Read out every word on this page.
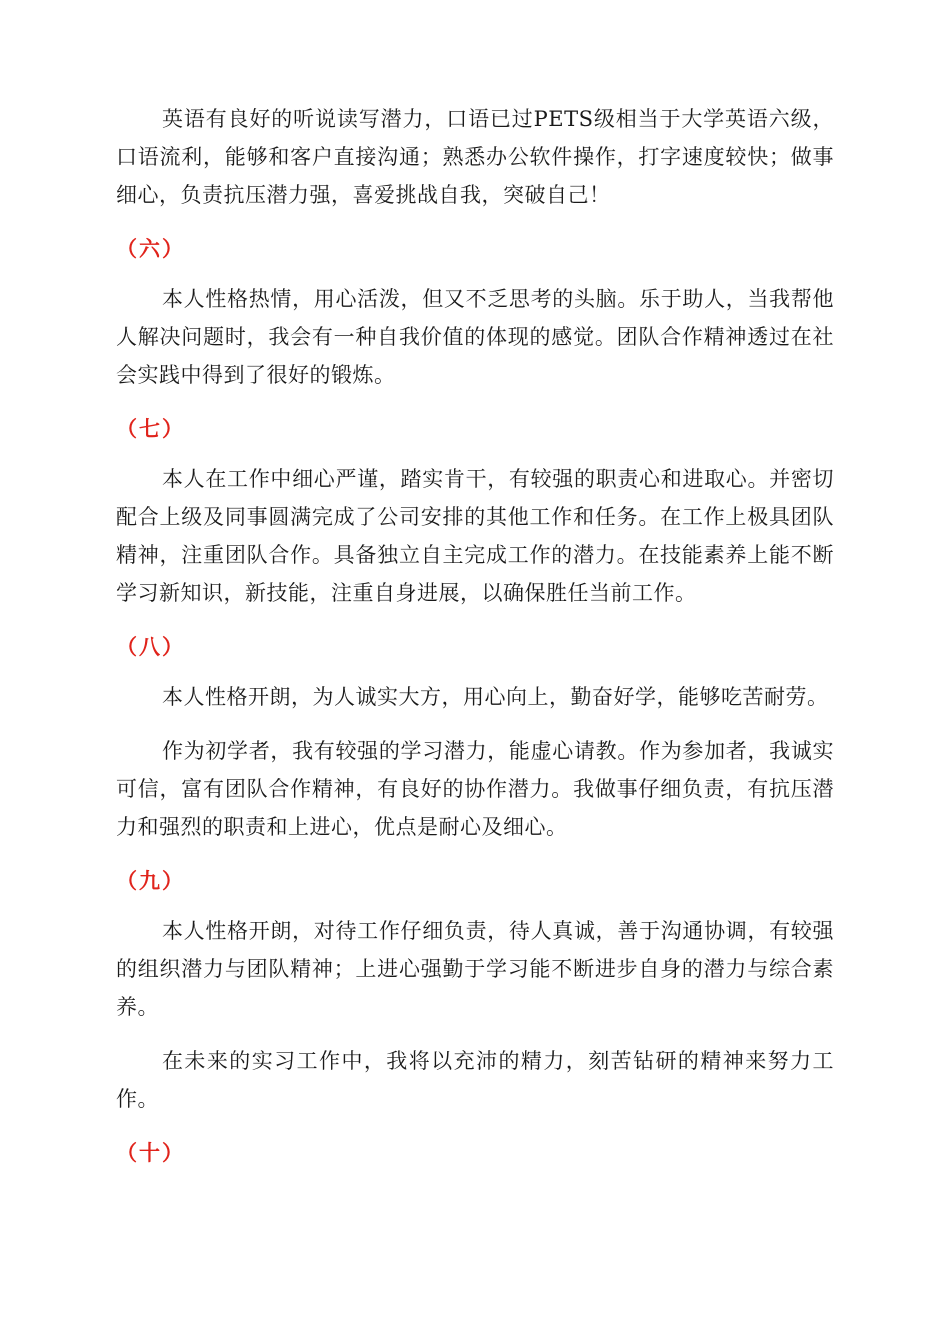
英语有良好的听说读写潜力，口语已过PETS级相当于大学英语六级，口语流利，能够和客户直接沟通；熟悉办公软件操作，打字速度较快；做事细心，负责抗压潜力强，喜爱挑战自我，突破自己！

（六）

本人性格热情，用心活泼，但又不乏思考的头脑。乐于助人，当我帮他人解决问题时，我会有一种自我价值的体现的感觉。团队合作精神透过在社会实践中得到了很好的锻炼。

（七）

本人在工作中细心严谨，踏实肯干，有较强的职责心和进取心。并密切配合上级及同事圆满完成了公司安排的其他工作和任务。在工作上极具团队精神，注重团队合作。具备独立自主完成工作的潜力。在技能素养上能不断学习新知识，新技能，注重自身进展，以确保胜任当前工作。

（八）

本人性格开朗，为人诚实大方，用心向上，勤奋好学，能够吃苦耐劳。

作为初学者，我有较强的学习潜力，能虚心请教。作为参加者，我诚实可信，富有团队合作精神，有良好的协作潜力。我做事仔细负责，有抗压潜力和强烈的职责和上进心，优点是耐心及细心。

（九）

本人性格开朗，对待工作仔细负责，待人真诚，善于沟通协调，有较强的组织潜力与团队精神；上进心强勤于学习能不断进步自身的潜力与综合素养。

在未来的实习工作中，我将以充沛的精力，刻苦钻研的精神来努力工作。

（十）
